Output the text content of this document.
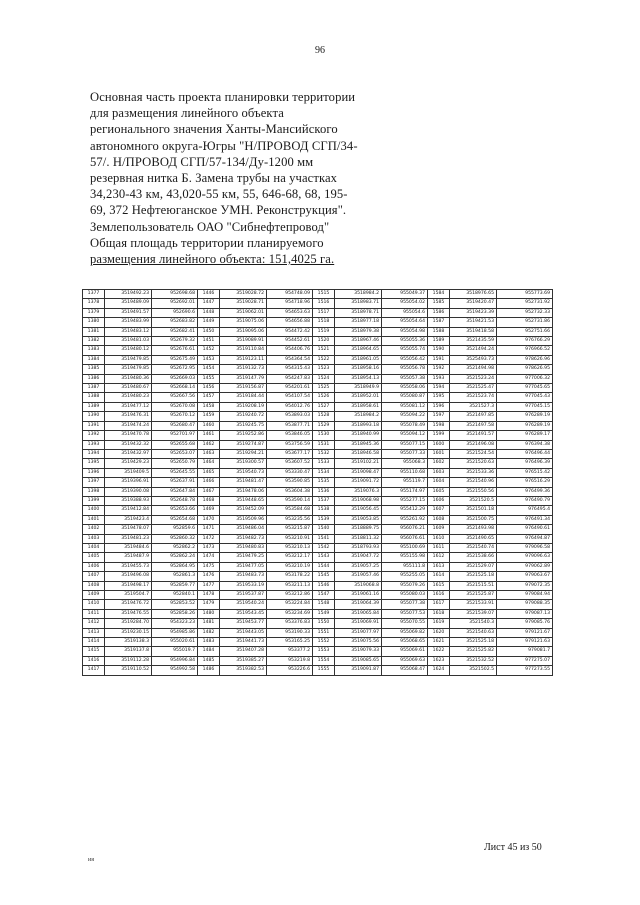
96
Основная часть проекта планировки территории
для размещения линейного объекта
регионального значения Ханты-Мансийского
автономного округа-Югры "Н/ПРОВОД СГП/34-
57/. Н/ПРОВОД СГП/57-134/Ду-1200 мм
резервная нитка Б. Замена трубы на участках
34,230-43 км, 43,020-55 км, 55, 646-68, 68, 195-
69, 372 Нефтеюганское УМН. Реконструкция".
Землепользователь ОАО "Сибнефтепровод"
Общая площадь территории планируемого
размещения линейного объекта: 151,4025 га.
1377	3519492.23	952698.68	1446	3519028.72	954748.09	1515	3518984.2	955049.37	1584	3518976.65	955773.69
1378	3519489.09	952692.01	1447	3519028.71	954718.96	1516	3518983.71	955054.02	1585	3519420.47	952731.92
1379	3519491.57	952690.6	1448	3519062.01	954653.63	1517	3518978.71	955054.6	1586	3519423.39	952732.33
1380	3519483.99	952683.82	1449	3519075.06	954656.88	1518	3518977.18	955054.64	1587	3519421.53	952731.86
1381	3519483.12	952682.41	1450	3519095.06	954472.42	1519	3518979.38	955054.98	1588	3519418.58	952751.66
1382	3519481.03	952679.32	1451	3519089.91	954452.61	1520	3518967.46	955055.36	1589	3521435.59	976766.29
1383	3519480.12	952676.61	1452	3519110.84	954406.76	1521	3518964.65	955055.74	1590	3521494.24	976966.52
1384	3519479.85	952675.49	1453	3519123.11	954364.54	1522	3518961.05	955056.42	1591	3525493.73	978626.96
1385	3519479.85	952672.95	1454	3519132.73	954315.43	1523	3518958.16	955056.78	1592	3521494.98	978626.95
1386	3519480.36	952669.03	1455	3519147.79	954247.83	1524	3518954.13	955057.38	1593	3521523.24	977006.32
1387	3519480.67	952668.14	1456	3519156.87	954201.61	1525	3518949.9	955058.06	1594	3521525.47	977045.65
1388	3519480.23	952667.56	1457	3519184.44	954107.54	1526	3518952.01	955080.87	1595	3521523.74	977045.43
1389	3519477.12	952670.08	1458	3519208.19	954012.76	1527	3518958.61	955081.12	1596	3521527.3	977045.15
1390	3519476.31	952670.12	1459	3519240.72	953893.03	1528	3518984.2	955094.22	1597	3521497.85	976289.19
1391	3519474.24	952680.47	1460	3519245.75	953877.71	1529	3518993.18	955078.49	1598	3521497.58	976289.19
1392	3519470.78	952701.97	1461	3519252.86	953846.05	1530	3518940.99	955094.12	1599	3521491.57	976289.17
1393	3519432.32	952655.68	1462	3519274.87	953756.59	1531	3518945.36	955077.15	1600	3521496.08	976394.38
1394	3519432.97	952653.07	1463	3519294.21	953677.17	1532	3518946.58	955077.33	1601	3521524.54	976496.44
1395	3519429.23	952650.79	1464	3519300.57	953607.52	1533	3519102.21	955068.3	1602	3521520.63	976496.39
1396	3519409.5	952645.55	1465	3519540.73	953330.47	1534	3519098.47	955110.68	1603	3521533.36	976515.42
1397	3519396.91	952637.91	1466	3519481.47	953590.85	1535	3519091.72	955119.7	1604	3521540.96	976516.29
1398	3519390.08	952647.84	1467	3519478.06	953604.38	1536	3519076.3	955174.97	1605	3521550.56	976499.36
1399	3519388.93	952648.78	1468	3519448.65	953590.14	1537	3519068.98	955277.15	1606	3521520.5	976490.79
1400	3519412.84	952653.66	1469	3519452.09	953584.68	1538	3519056.45	955412.29	1607	3521501.18	976495.4
1401	3519423.4	952654.68	1470	3519509.96	953235.56	1539	3519053.85	955261.92	1608	3521500.75	976491.34
1402	3519478.07	952859.6	1471	3519486.04	953215.87	1540	3518889.75	956076.21	1609	3521493.98	976490.61
1403	3519481.23	952860.32	1472	3519482.73	953210.91	1541	3518811.32	956076.61	1610	3521490.65	976494.87
1404	3519484.6	952862.2	1473	3519480.83	953210.13	1542	3518793.93	955100.69	1611	3521540.74	979096.58
1405	3519487.9	952862.24	1474	3519479.25	953212.17	1543	3519047.72	955155.98	1612	3521538.66	979096.63
1406	3519455.73	952864.95	1475	3519477.05	953210.19	1544	3519057.25	955111.8	1613	3521529.07	979062.89
1407	3519496.08	952861.3	1476	3519483.73	953178.22	1545	3519057.46	955255.05	1614	3521525.18	979063.67
1408	3519498.17	952859.77	1477	3519533.19	953211.13	1546	3519068.8	955079.26	1615	3521515.51	979072.35
1409	3519504.7	952840.1	1478	3519537.87	953212.86	1547	3519061.16	955080.03	1616	3521525.87	979084.94
1410	3519476.72	952853.52	1479	3519540.24	953224.84	1548	3519064.39	955077.38	1617	3521533.91	979088.35
1411	3519476.55	952858.26	1480	3519543.45	953234.69	1549	3519065.84	955077.53	1618	3521539.07	979087.13
1412	3519284.70	954323.23	1481	3519453.77	953376.83	1550	3519069.91	955070.55	1619	3521540.3	979085.76
1413	3519230.15	954985.86	1482	3519443.05	953190.33	1551	3519077.97	955069.82	1620	3521540.63	979121.67
1414	3519138.3	955020.61	1483	3519441.73	953165.25	1552	3519075.56	955068.65	1621	3521525.18	979121.63
1415	3519137.8	955019.7	1484	3519407.28	953377.2	1553	3519079.33	955069.61	1622	3521525.82	979081.7
1416	3519112.28	954996.84	1485	3519385.27	953219.8	1554	3519085.65	955069.63	1623	3521532.52	977275.07
1417	3519110.52	954992.58	1486	3519382.53	953226.6	1555	3519091.87	955068.47	1624	3521502.5	977273.55
Лист 45 из 50
ия
